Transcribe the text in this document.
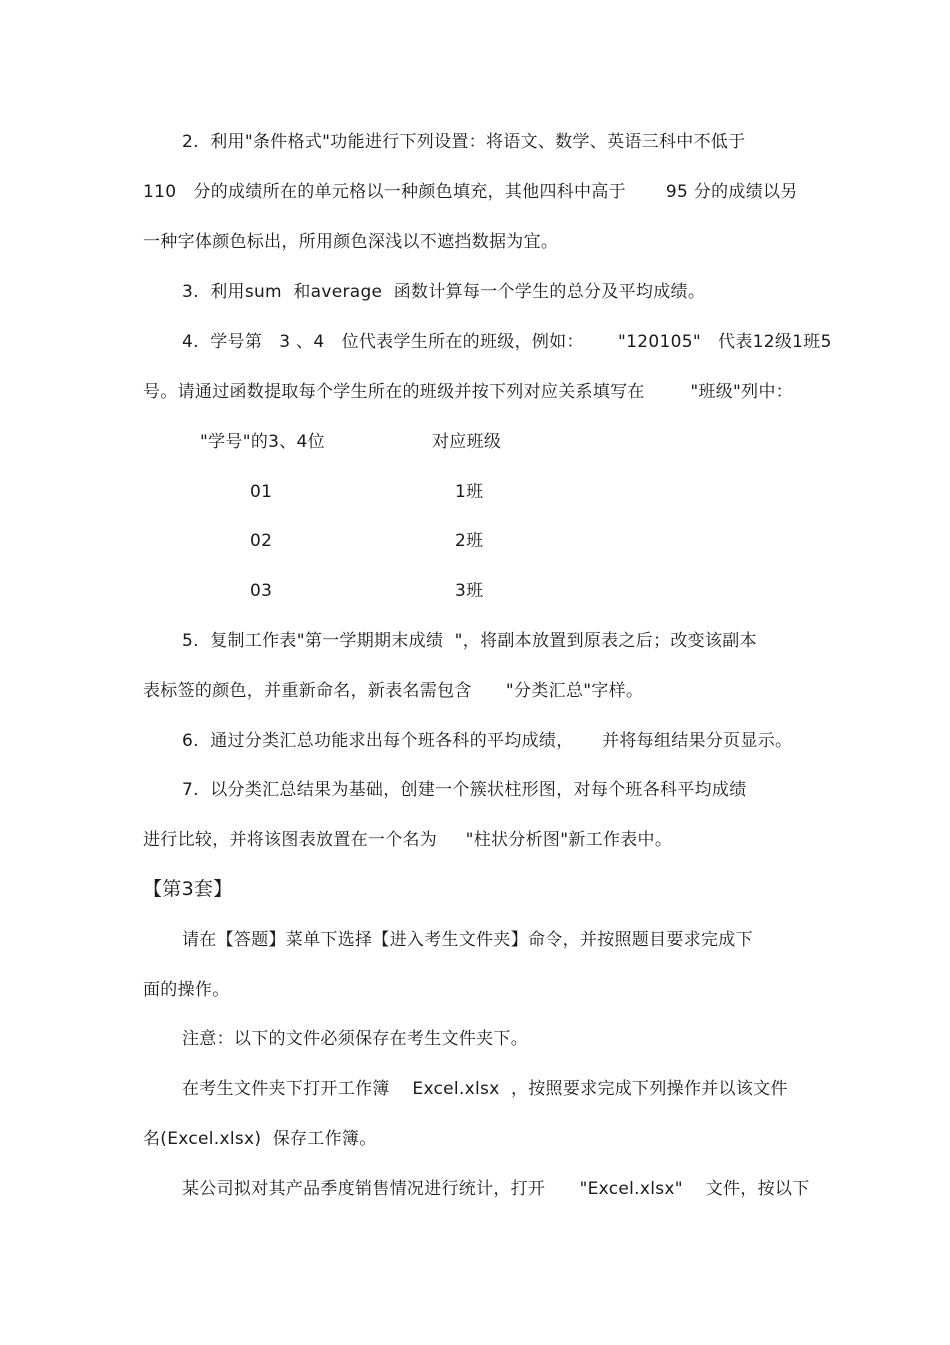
2.  利用"条件格式"功能进行下列设置：将语文、数学、英语三科中不低于
110   分的成绩所在的单元格以一种颜色填充，其他四科中高于       95 分的成绩以另
一种字体颜色标出，所用颜色深浅以不遮挡数据为宜。
3.  利用sum  和average  函数计算每一个学生的总分及平均成绩。
4.  学号第   3 、4   位代表学生所在的班级，例如：      "120105"   代表12级1班5
号。请通过函数提取每个学生所在的班级并按下列对应关系填写在        "班级"列中：
"学号"的3、4位	对应班级
01	1班
02	2班
03	3班
5.  复制工作表"第一学期期末成绩  "，将副本放置到原表之后；改变该副本
表标签的颜色，并重新命名，新表名需包含      "分类汇总"字样。
6.  通过分类汇总功能求出每个班各科的平均成绩，     并将每组结果分页显示。
7.  以分类汇总结果为基础，创建一个簇状柱形图，对每个班各科平均成绩
进行比较，并将该图表放置在一个名为     "柱状分析图"新工作表中。
【第3套】
请在【答题】菜单下选择【进入考生文件夹】命令，并按照题目要求完成下
面的操作。
注意：以下的文件必须保存在考生文件夹下。
在考生文件夹下打开工作簿    Excel.xlsx  ，按照要求完成下列操作并以该文件
名(Excel.xlsx)  保存工作簿。
某公司拟对其产品季度销售情况进行统计，打开      "Excel.xlsx"    文件，按以下
